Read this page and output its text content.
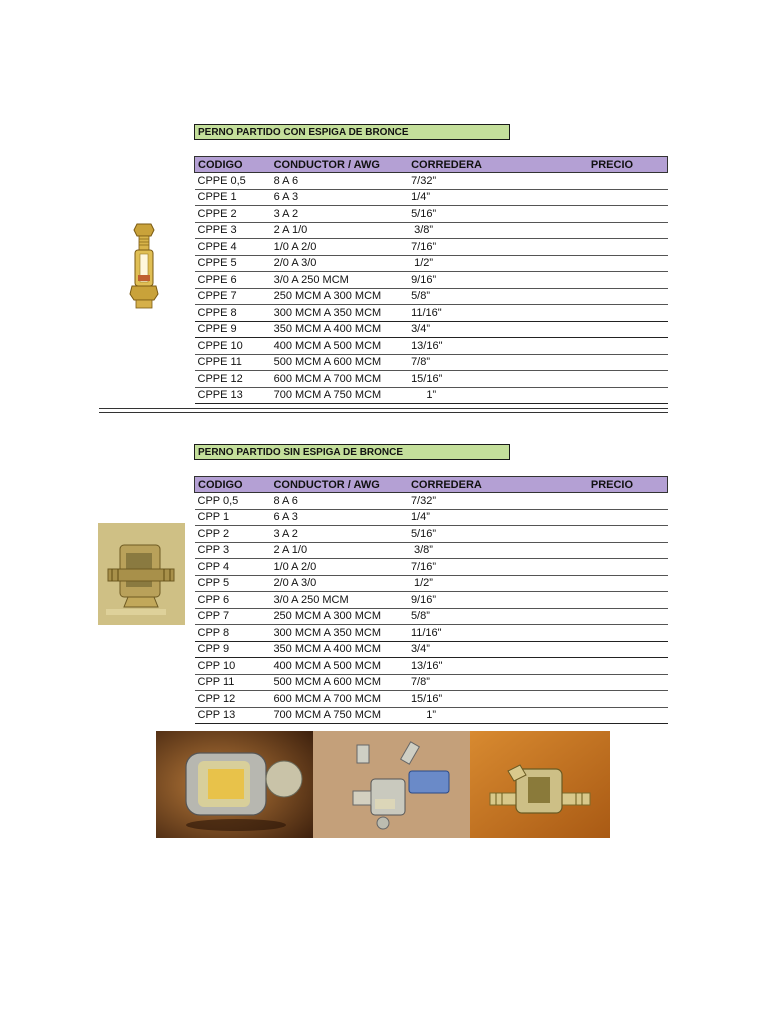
PERNO PARTIDO CON ESPIGA DE BRONCE
CODIGO	CONDUCTOR / AWG	CORREDERA	PRECIO
CPPE 0,5	8 A 6	7/32”	
CPPE 1	6 A 3	1/4”	
CPPE 2	3 A 2	5/16”	
CPPE 3	2 A 1/0	3/8”	
CPPE 4	1/0 A 2/0	7/16”	
CPPE 5	2/0 A 3/0	1/2”	
CPPE 6	3/0 A 250 MCM	9/16”	
CPPE 7	250 MCM A 300 MCM	5/8”	
CPPE 8	300 MCM A 350 MCM	11/16"	
CPPE 9	350 MCM A 400 MCM	3/4”	
CPPE 10	400 MCM A 500 MCM	13/16"	
CPPE 11	500 MCM A 600 MCM	7/8”	
CPPE 12	600 MCM A 700 MCM	15/16”	
CPPE 13	700 MCM A 750 MCM	1”	
PERNO PARTIDO SIN ESPIGA DE BRONCE
CODIGO	CONDUCTOR / AWG	CORREDERA	PRECIO
CPP 0,5	8 A 6	7/32”	
CPP 1	6 A 3	1/4”	
CPP 2	3 A 2	5/16”	
CPP 3	2 A 1/0	3/8”	
CPP 4	1/0 A 2/0	7/16”	
CPP 5	2/0 A 3/0	1/2”	
CPP 6	3/0 A 250 MCM	9/16”	
CPP 7	250 MCM A 300 MCM	5/8”	
CPP 8	300 MCM A 350 MCM	11/16"	
CPP 9	350 MCM A 400 MCM	3/4”	
CPP 10	400 MCM A 500 MCM	13/16"	
CPP 11	500 MCM A 600 MCM	7/8”	
CPP 12	600 MCM A 700 MCM	15/16”	
CPP 13	700 MCM A 750 MCM	1”	
